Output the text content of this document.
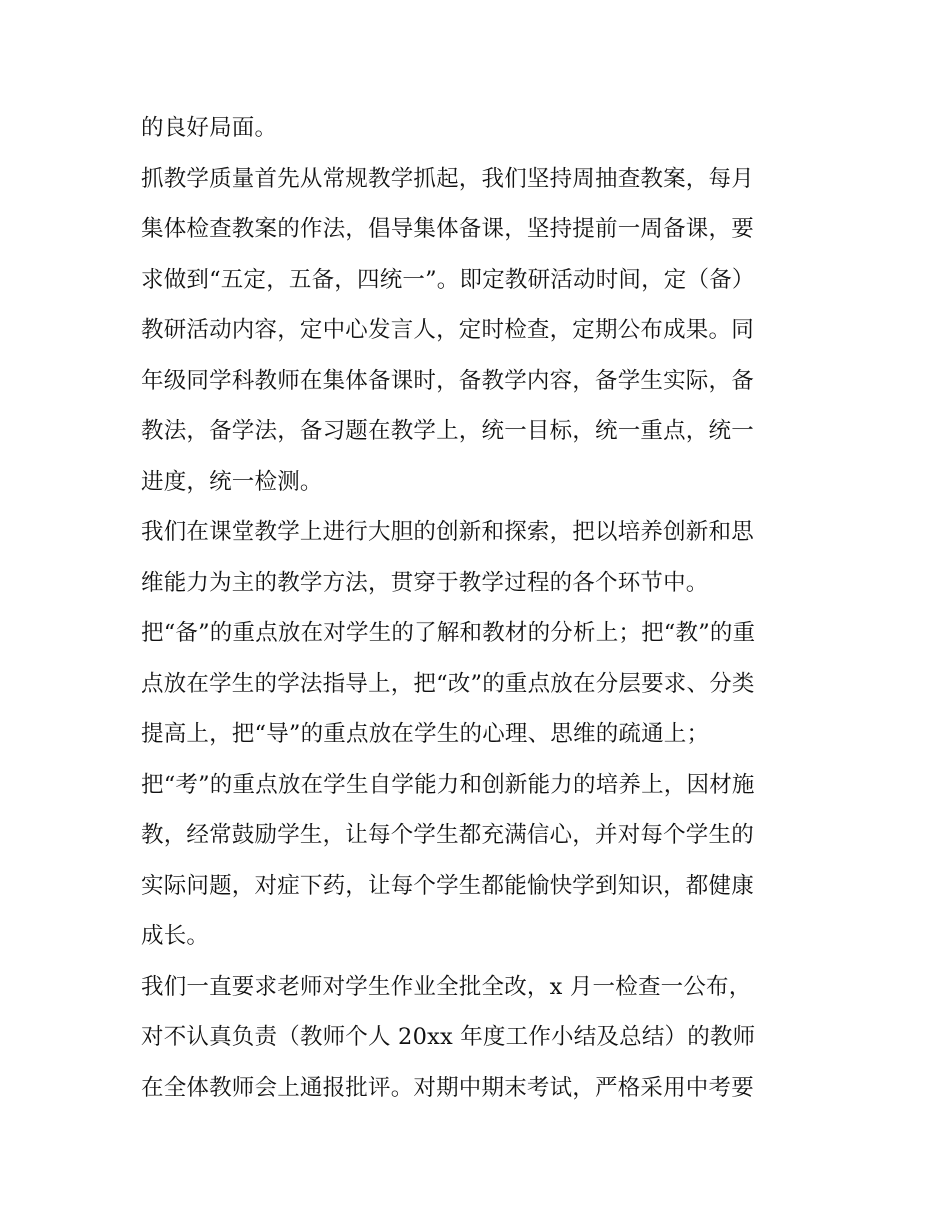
的良好局面。
抓教学质量首先从常规教学抓起，我们坚持周抽查教案，每月
集体检查教案的作法，倡导集体备课，坚持提前一周备课，要
求做到“五定，五备，四统一”。即定教研活动时间，定（备）
教研活动内容，定中心发言人，定时检查，定期公布成果。同
年级同学科教师在集体备课时，备教学内容，备学生实际，备
教法，备学法，备习题在教学上，统一目标，统一重点，统一
进度，统一检测。
我们在课堂教学上进行大胆的创新和探索，把以培养创新和思
维能力为主的教学方法，贯穿于教学过程的各个环节中。
把“备”的重点放在对学生的了解和教材的分析上；把“教”的重
点放在学生的学法指导上，把“改”的重点放在分层要求、分类
提高上，把“导”的重点放在学生的心理、思维的疏通上；
把“考”的重点放在学生自学能力和创新能力的培养上，因材施
教，经常鼓励学生，让每个学生都充满信心，并对每个学生的
实际问题，对症下药，让每个学生都能愉快学到知识，都健康
成长。
我们一直要求老师对学生作业全批全改，x 月一检查一公布，
对不认真负责（教师个人 20xx 年度工作小结及总结）的教师
在全体教师会上通报批评。对期中期末考试，严格采用中考要
